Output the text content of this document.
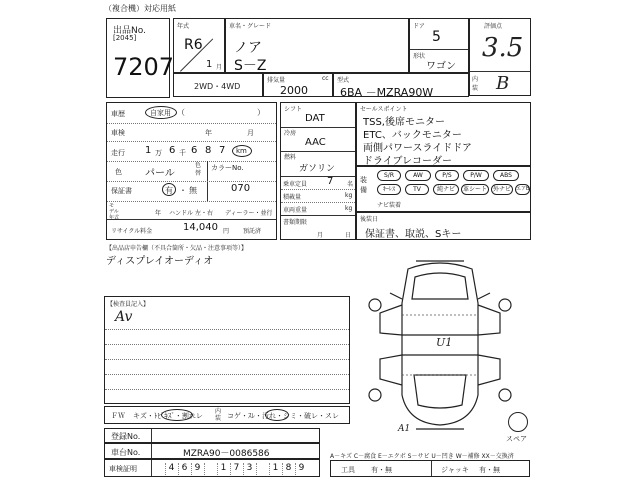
（複合機）対応用紙
出品No.
[2045]
7207
年式
R6
1 月
車名・グレード
ノア
S－Z
ドア
5
形状
ワゴン
評価点
3.5
内装 B
2WD・4WD
排気量	cc
2000
型式
6BA －MZRA90W
車歴	自家用 （	）
車検	年	月
走行 1 万 6 千 6 8 7 km
色 パール
色替
カラーNo.
保証書	有 ・ 無	070
モデル年式
年 ハンドル 左・右 ディーラー・並行
リサイクル料金	14,040 円 預託済
シフト
DAT
冷房
AAC
燃料
ガソリン
乗車定員 7 名
積載量	kg
車両重量	kg
書類期限
月	日
セールスポイント
TSS,後席モニター
ETC、バックモニター
両側パワースライドドア
ドライブレコーダー
装備
S/R	AW	P/S	P/W	ABS
ｷｰﾚｽ	TV	純ナビ	革シート 外ナビ	エアB
ナビ装着
後装日
保証書、取説、Sキー
【出品店申告欄（不具合箇所・欠品・注意事項等）】
ディスプレイオーディオ
【検査員記入】
Av
ＦＷ キズ・ﾄﾋﾞｷｽﾞ・割れレ
内装 コゲ・ｽﾚ・汚れ・シミ・破レ・スレ
U1
A1
スペア
登録No.
車台No.	MZRA90－0086586
車検証明	4 6 9	1 7 3	1 8 9
A－キズ C－腐食 E－エクボ S－サビ U－凹き W－補修 XX－交換済
工具 有・無	ジャッキ 有・無
